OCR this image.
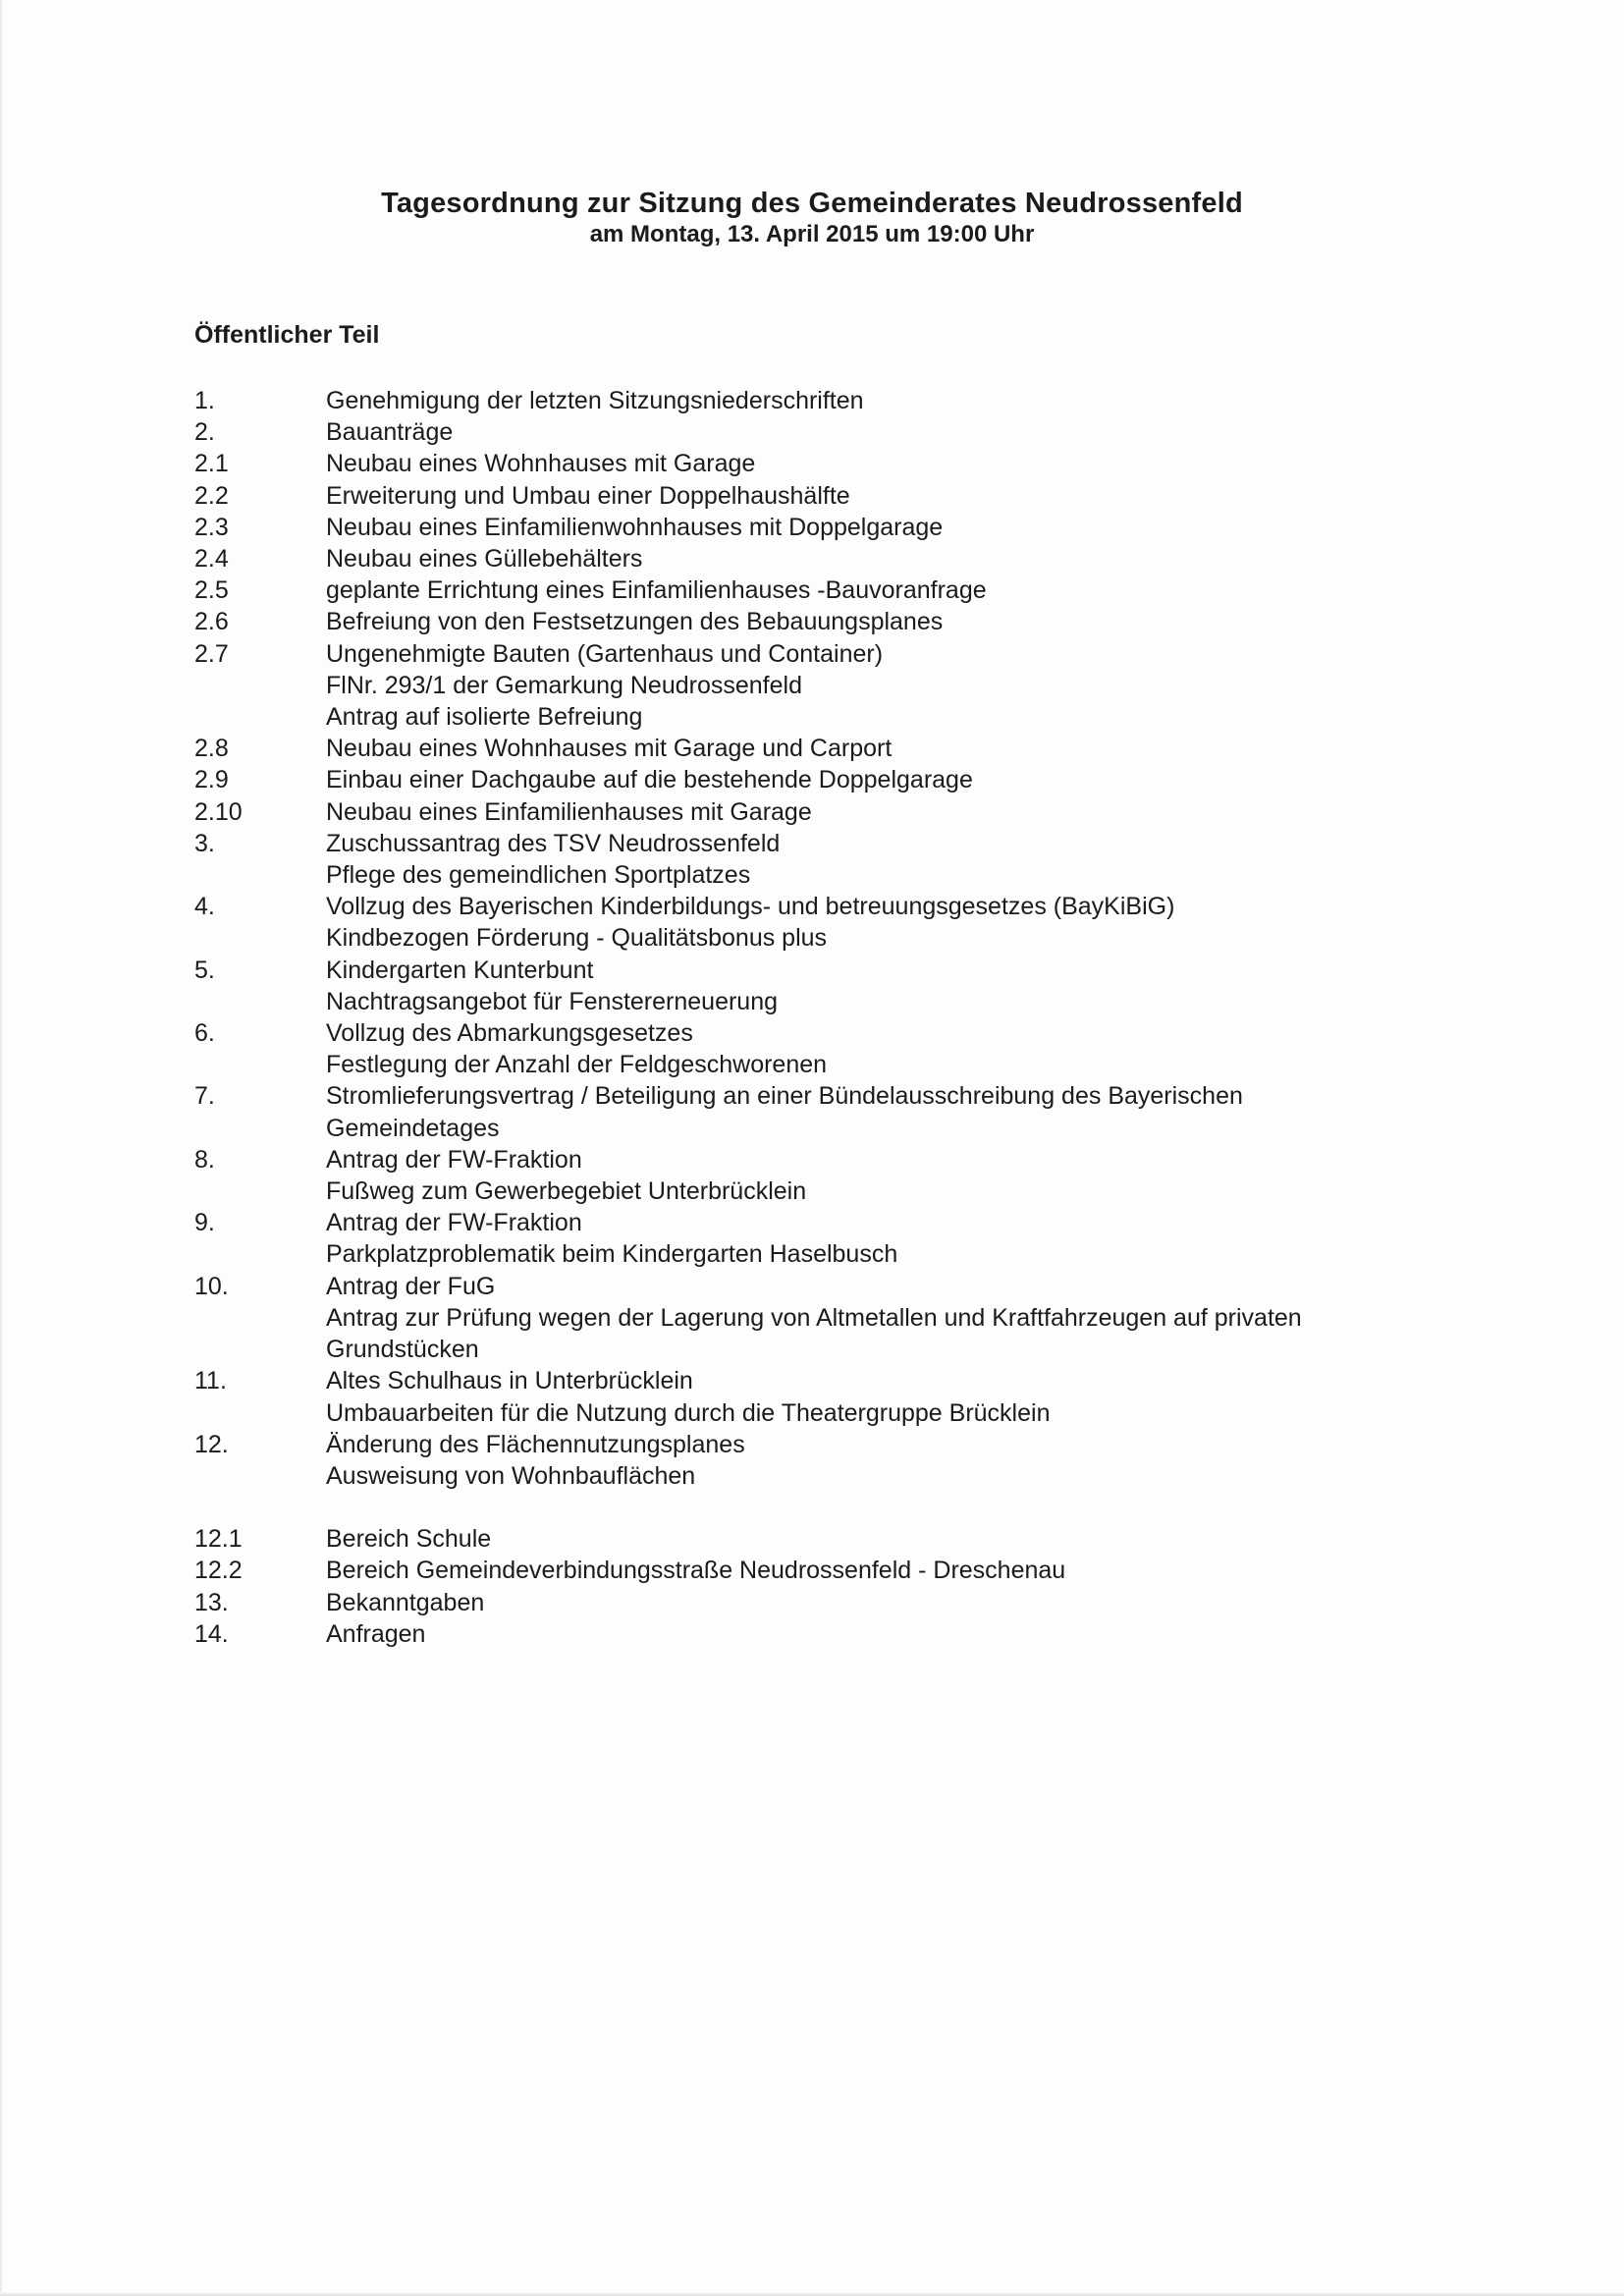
Tagesordnung zur Sitzung des Gemeinderates Neudrossenfeld
am Montag, 13. April 2015 um 19:00 Uhr
Öffentlicher Teil
1.	Genehmigung der letzten Sitzungsniederschriften
2.	Bauanträge
2.1	Neubau eines Wohnhauses mit Garage
2.2	Erweiterung und Umbau einer Doppelhaushälfte
2.3	Neubau eines Einfamilienwohnhauses mit Doppelgarage
2.4	Neubau eines Güllebehälters
2.5	geplante Errichtung eines Einfamilienhauses -Bauvoranfrage
2.6	Befreiung von den Festsetzungen des Bebauungsplanes
2.7	Ungenehmigte Bauten (Gartenhaus und Container)
FlNr. 293/1 der Gemarkung Neudrossenfeld
Antrag auf isolierte Befreiung
2.8	Neubau eines Wohnhauses mit Garage und Carport
2.9	Einbau einer Dachgaube auf die bestehende Doppelgarage
2.10	Neubau eines Einfamilienhauses mit Garage
3.	Zuschussantrag des TSV Neudrossenfeld
Pflege des gemeindlichen Sportplatzes
4.	Vollzug des Bayerischen Kinderbildungs- und betreuungsgesetzes (BayKiBiG)
Kindbezogen Förderung - Qualitätsbonus plus
5.	Kindergarten Kunterbunt
Nachtragsangebot für Fenstererneuerung
6.	Vollzug des Abmarkungsgesetzes
Festlegung der Anzahl der Feldgeschworenen
7.	Stromlieferungsvertrag / Beteiligung an einer Bündelausschreibung des Bayerischen
Gemeindetages
8.	Antrag der FW-Fraktion
Fußweg zum Gewerbegebiet Unterbrücklein
9.	Antrag der FW-Fraktion
Parkplatzproblematik beim Kindergarten Haselbusch
10.	Antrag der FuG
Antrag zur Prüfung wegen der Lagerung von Altmetallen und Kraftfahrzeugen auf privaten
Grundstücken
11.	Altes Schulhaus in Unterbrücklein
Umbauarbeiten für die Nutzung durch die Theatergruppe Brücklein
12.	Änderung des Flächennutzungsplanes
Ausweisung von Wohnbauflächen
12.1	Bereich Schule
12.2	Bereich Gemeindeverbindungsstraße Neudrossenfeld - Dreschenau
13.	Bekanntgaben
14.	Anfragen
